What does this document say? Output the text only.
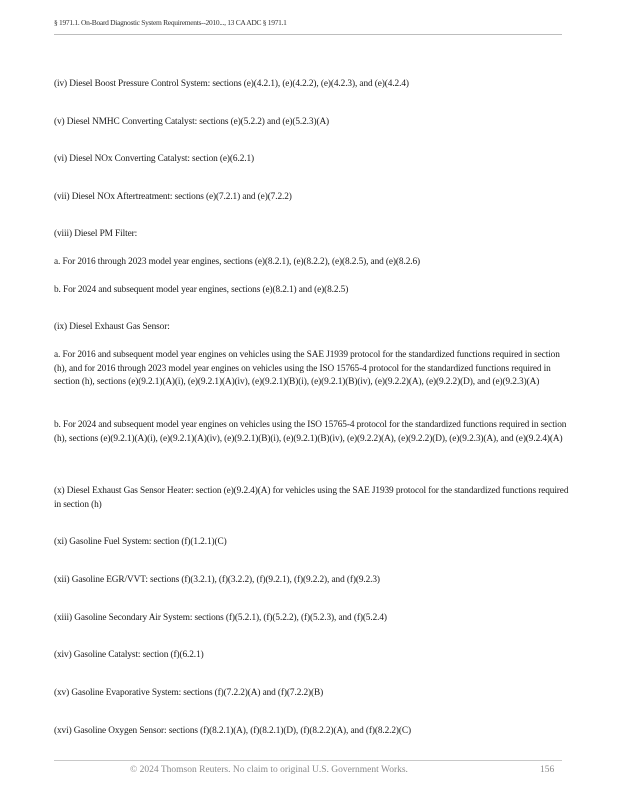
§ 1971.1. On-Board Diagnostic System Requirements--2010..., 13 CA ADC § 1971.1
(iv) Diesel Boost Pressure Control System: sections (e)(4.2.1), (e)(4.2.2), (e)(4.2.3), and (e)(4.2.4)
(v) Diesel NMHC Converting Catalyst: sections (e)(5.2.2) and (e)(5.2.3)(A)
(vi) Diesel NOx Converting Catalyst: section (e)(6.2.1)
(vii) Diesel NOx Aftertreatment: sections (e)(7.2.1) and (e)(7.2.2)
(viii) Diesel PM Filter:
a. For 2016 through 2023 model year engines, sections (e)(8.2.1), (e)(8.2.2), (e)(8.2.5), and (e)(8.2.6)
b. For 2024 and subsequent model year engines, sections (e)(8.2.1) and (e)(8.2.5)
(ix) Diesel Exhaust Gas Sensor:
a. For 2016 and subsequent model year engines on vehicles using the SAE J1939 protocol for the standardized functions required in section (h), and for 2016 through 2023 model year engines on vehicles using the ISO 15765-4 protocol for the standardized functions required in section (h), sections (e)(9.2.1)(A)(i), (e)(9.2.1)(A)(iv), (e)(9.2.1)(B)(i), (e)(9.2.1)(B)(iv), (e)(9.2.2)(A), (e)(9.2.2)(D), and (e)(9.2.3)(A)
b. For 2024 and subsequent model year engines on vehicles using the ISO 15765-4 protocol for the standardized functions required in section (h), sections (e)(9.2.1)(A)(i), (e)(9.2.1)(A)(iv), (e)(9.2.1)(B)(i), (e)(9.2.1)(B)(iv), (e)(9.2.2)(A), (e)(9.2.2)(D), (e)(9.2.3)(A), and (e)(9.2.4)(A)
(x) Diesel Exhaust Gas Sensor Heater: section (e)(9.2.4)(A) for vehicles using the SAE J1939 protocol for the standardized functions required in section (h)
(xi) Gasoline Fuel System: section (f)(1.2.1)(C)
(xii) Gasoline EGR/VVT: sections (f)(3.2.1), (f)(3.2.2), (f)(9.2.1), (f)(9.2.2), and (f)(9.2.3)
(xiii) Gasoline Secondary Air System: sections (f)(5.2.1), (f)(5.2.2), (f)(5.2.3), and (f)(5.2.4)
(xiv) Gasoline Catalyst: section (f)(6.2.1)
(xv) Gasoline Evaporative System: sections (f)(7.2.2)(A) and (f)(7.2.2)(B)
(xvi) Gasoline Oxygen Sensor: sections (f)(8.2.1)(A), (f)(8.2.1)(D), (f)(8.2.2)(A), and (f)(8.2.2)(C)
© 2024 Thomson Reuters. No claim to original U.S. Government Works.	156
